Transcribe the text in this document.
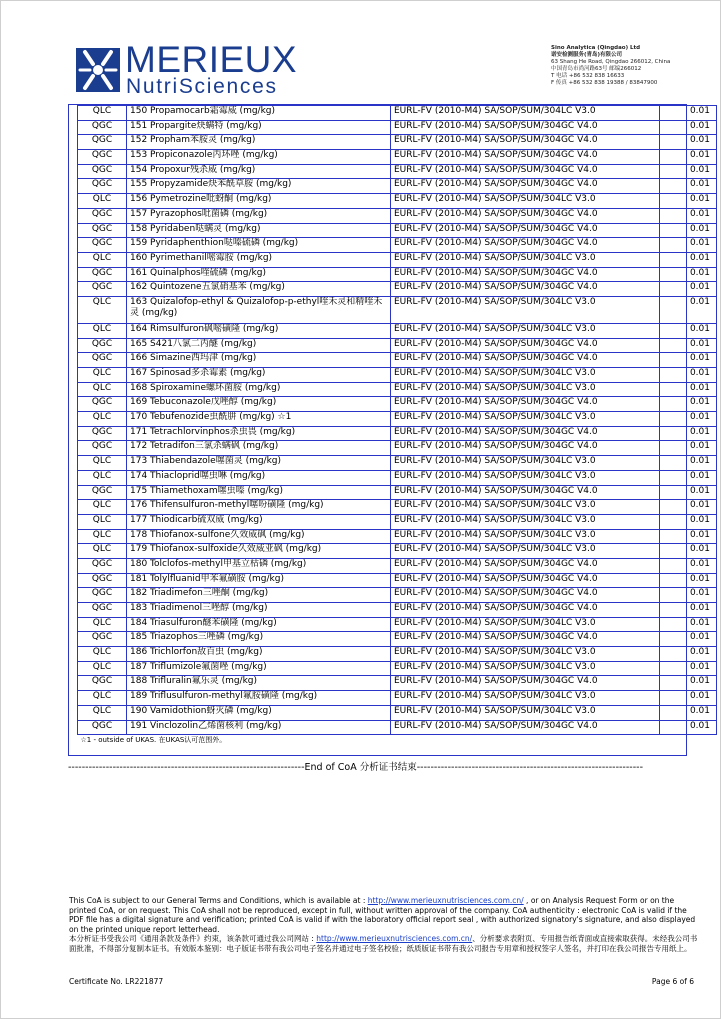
MERIEUX
NutriSciences
Sino Analytica (Qingdao) Ltd
诺安检测服务(青岛)有限公司
63 Shang He Road, Qingdao 266012, China
中国青岛市尚河路63号 邮编266012
T 电话 +86 532 838 16633
F 传真 +86 532 838 19388 / 83847900
QLC	150 Propamocarb霜霉威 (mg/kg)	EURL-FV (2010-M4) SA/SOP/SUM/304LC V3.0	0.01
QGC	151 Propargite炔螨特 (mg/kg)	EURL-FV (2010-M4) SA/SOP/SUM/304GC V4.0	0.01
QGC	152 Propham苯胺灵 (mg/kg)	EURL-FV (2010-M4) SA/SOP/SUM/304GC V4.0	0.01
QGC	153 Propiconazole丙环唑 (mg/kg)	EURL-FV (2010-M4) SA/SOP/SUM/304GC V4.0	0.01
QGC	154 Propoxur残杀威 (mg/kg)	EURL-FV (2010-M4) SA/SOP/SUM/304GC V4.0	0.01
QGC	155 Propyzamide炔苯酰草胺 (mg/kg)	EURL-FV (2010-M4) SA/SOP/SUM/304GC V4.0	0.01
QLC	156 Pymetrozine吡蚜酮 (mg/kg)	EURL-FV (2010-M4) SA/SOP/SUM/304LC V3.0	0.01
QGC	157 Pyrazophos吡菌磷 (mg/kg)	EURL-FV (2010-M4) SA/SOP/SUM/304GC V4.0	0.01
QGC	158 Pyridaben哒螨灵 (mg/kg)	EURL-FV (2010-M4) SA/SOP/SUM/304GC V4.0	0.01
QGC	159 Pyridaphenthion哒嗪硫磷 (mg/kg)	EURL-FV (2010-M4) SA/SOP/SUM/304GC V4.0	0.01
QLC	160 Pyrimethanil嘧霉胺 (mg/kg)	EURL-FV (2010-M4) SA/SOP/SUM/304LC V3.0	0.01
QGC	161 Quinalphos喹硫磷 (mg/kg)	EURL-FV (2010-M4) SA/SOP/SUM/304GC V4.0	0.01
QGC	162 Quintozene五氯硝基苯 (mg/kg)	EURL-FV (2010-M4) SA/SOP/SUM/304GC V4.0	0.01
QLC	163 Quizalofop-ethyl & Quizalofop-p-ethyl喹禾灵和精喹禾灵 (mg/kg)	EURL-FV (2010-M4) SA/SOP/SUM/304LC V3.0	0.01
QLC	164 Rimsulfuron砜嘧磺隆 (mg/kg)	EURL-FV (2010-M4) SA/SOP/SUM/304LC V3.0	0.01
QGC	165 S421八氯二丙醚 (mg/kg)	EURL-FV (2010-M4) SA/SOP/SUM/304GC V4.0	0.01
QGC	166 Simazine西玛津 (mg/kg)	EURL-FV (2010-M4) SA/SOP/SUM/304GC V4.0	0.01
QLC	167 Spinosad多杀霉素 (mg/kg)	EURL-FV (2010-M4) SA/SOP/SUM/304LC V3.0	0.01
QLC	168 Spiroxamine螺环菌胺 (mg/kg)	EURL-FV (2010-M4) SA/SOP/SUM/304LC V3.0	0.01
QGC	169 Tebuconazole戊唑醇 (mg/kg)	EURL-FV (2010-M4) SA/SOP/SUM/304GC V4.0	0.01
QLC	170 Tebufenozide虫酰肼 (mg/kg) ☆1	EURL-FV (2010-M4) SA/SOP/SUM/304LC V3.0	0.01
QGC	171 Tetrachlorvinphos杀虫畏 (mg/kg)	EURL-FV (2010-M4) SA/SOP/SUM/304GC V4.0	0.01
QGC	172 Tetradifon三氯杀螨砜 (mg/kg)	EURL-FV (2010-M4) SA/SOP/SUM/304GC V4.0	0.01
QLC	173 Thiabendazole噻菌灵 (mg/kg)	EURL-FV (2010-M4) SA/SOP/SUM/304LC V3.0	0.01
QLC	174 Thiacloprid噻虫啉 (mg/kg)	EURL-FV (2010-M4) SA/SOP/SUM/304LC V3.0	0.01
QGC	175 Thiamethoxam噻虫嗪 (mg/kg)	EURL-FV (2010-M4) SA/SOP/SUM/304GC V4.0	0.01
QLC	176 Thifensulfuron-methyl噻吩磺隆 (mg/kg)	EURL-FV (2010-M4) SA/SOP/SUM/304LC V3.0	0.01
QLC	177 Thiodicarb硫双威 (mg/kg)	EURL-FV (2010-M4) SA/SOP/SUM/304LC V3.0	0.01
QLC	178 Thiofanox-sulfone久效威砜 (mg/kg)	EURL-FV (2010-M4) SA/SOP/SUM/304LC V3.0	0.01
QLC	179 Thiofanox-sulfoxide久效威亚砜 (mg/kg)	EURL-FV (2010-M4) SA/SOP/SUM/304LC V3.0	0.01
QGC	180 Tolclofos-methyl甲基立枯磷 (mg/kg)	EURL-FV (2010-M4) SA/SOP/SUM/304GC V4.0	0.01
QGC	181 Tolylfluanid甲苯氟磺胺 (mg/kg)	EURL-FV (2010-M4) SA/SOP/SUM/304GC V4.0	0.01
QGC	182 Triadimefon三唑酮 (mg/kg)	EURL-FV (2010-M4) SA/SOP/SUM/304GC V4.0	0.01
QGC	183 Triadimenol三唑醇 (mg/kg)	EURL-FV (2010-M4) SA/SOP/SUM/304GC V4.0	0.01
QLC	184 Triasulfuron醚苯磺隆 (mg/kg)	EURL-FV (2010-M4) SA/SOP/SUM/304LC V3.0	0.01
QGC	185 Triazophos三唑磷 (mg/kg)	EURL-FV (2010-M4) SA/SOP/SUM/304GC V4.0	0.01
QLC	186 Trichlorfon敌百虫 (mg/kg)	EURL-FV (2010-M4) SA/SOP/SUM/304LC V3.0	0.01
QLC	187 Triflumizole氟菌唑 (mg/kg)	EURL-FV (2010-M4) SA/SOP/SUM/304LC V3.0	0.01
QGC	188 Trifluralin氟乐灵 (mg/kg)	EURL-FV (2010-M4) SA/SOP/SUM/304GC V4.0	0.01
QLC	189 Triflusulfuron-methyl氟胺磺隆 (mg/kg)	EURL-FV (2010-M4) SA/SOP/SUM/304LC V3.0	0.01
QLC	190 Vamidothion蚜灭磷 (mg/kg)	EURL-FV (2010-M4) SA/SOP/SUM/304LC V3.0	0.01
QGC	191 Vinclozolin乙烯菌核利 (mg/kg)	EURL-FV (2010-M4) SA/SOP/SUM/304GC V4.0	0.01
☆1 - outside of UKAS. 在UKAS认可范围外。			
---------------------------------------------------------------------End of CoA 分析证书结束------------------------------------------------------------------

This CoA is subject to our General Terms and Conditions, which is available at : http://www.merieuxnutrisciences.com.cn/ , or on Analysis Request Form or on the printed CoA, or on request. This CoA shall not be reproduced, except in full, without written approval of the company. CoA authenticity : electronic CoA is valid if the PDF file has a digital signature and verification; printed CoA is valid if with the laboratory official report seal , with authorized signatory's signature, and also displayed on the printed unique report letterhead.

本分析证书受我公司《通用条款及条件》约束，该条款可通过我公司网站 : http://www.merieuxnutrisciences.com.cn/、分析要求表附页、专用报告纸背面或直接索取获得。未经我公司书面批准，不得部分复制本证书。有效版本鉴别：电子版证书带有我公司电子签名并通过电子签名校验；纸质版证书带有我公司报告专用章和授权签字人签名，并打印在我公司报告专用纸上。

Certificate No. LR221877	Page 6 of 6
